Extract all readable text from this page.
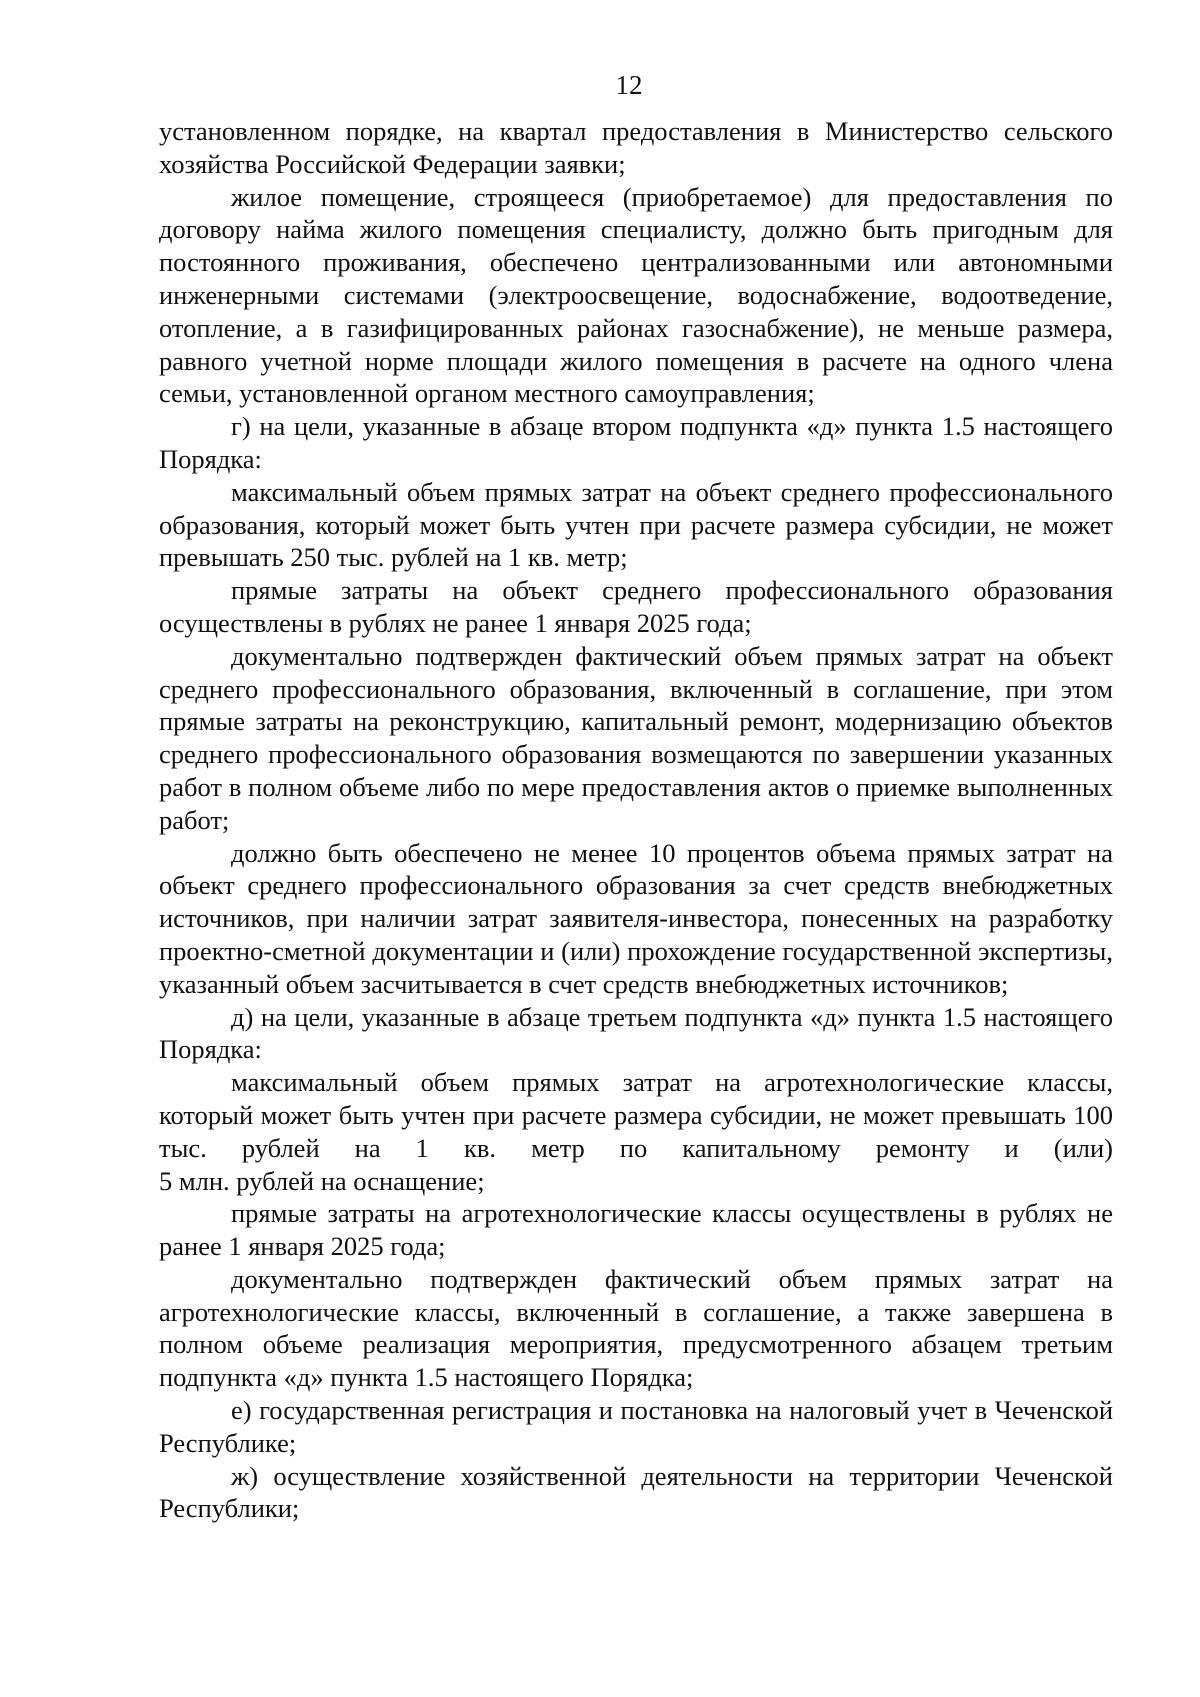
12

установленном порядке, на квартал предоставления в Министерство сельского хозяйства Российской Федерации заявки;

жилое помещение, строящееся (приобретаемое) для предоставления по договору найма жилого помещения специалисту, должно быть пригодным для постоянного проживания, обеспечено централизованными или автономными инженерными системами (электроосвещение, водоснабжение, водоотведение, отопление, а в газифицированных районах газоснабжение), не меньше размера, равного учетной норме площади жилого помещения в расчете на одного члена семьи, установленной органом местного самоуправления;

г) на цели, указанные в абзаце втором подпункта «д» пункта 1.5 настоящего Порядка:

максимальный объем прямых затрат на объект среднего профессионального образования, который может быть учтен при расчете размера субсидии, не может превышать 250 тыс. рублей на 1 кв. метр;

прямые затраты на объект среднего профессионального образования осуществлены в рублях не ранее 1 января 2025 года;

документально подтвержден фактический объем прямых затрат на объект среднего профессионального образования, включенный в соглашение, при этом прямые затраты на реконструкцию, капитальный ремонт, модернизацию объектов среднего профессионального образования возмещаются по завершении указанных работ в полном объеме либо по мере предоставления актов о приемке выполненных работ;

должно быть обеспечено не менее 10 процентов объема прямых затрат на объект среднего профессионального образования за счет средств внебюджетных источников, при наличии затрат заявителя-инвестора, понесенных на разработку проектно-сметной документации и (или) прохождение государственной экспертизы, указанный объем засчитывается в счет средств внебюджетных источников;

д) на цели, указанные в абзаце третьем подпункта «д» пункта 1.5 настоящего Порядка:

максимальный объем прямых затрат на агротехнологические классы, который может быть учтен при расчете размера субсидии, не может превышать 100 тыс. рублей на 1 кв. метр по капитальному ремонту и (или)

5 млн. рублей на оснащение;

прямые затраты на агротехнологические классы осуществлены в рублях не ранее 1 января 2025 года;

документально подтвержден фактический объем прямых затрат на агротехнологические классы, включенный в соглашение, а также завершена в полном объеме реализация мероприятия, предусмотренного абзацем третьим подпункта «д» пункта 1.5 настоящего Порядка;

е) государственная регистрация и постановка на налоговый учет в Чеченской Республике;

ж) осуществление хозяйственной деятельности на территории Чеченской Республики;
